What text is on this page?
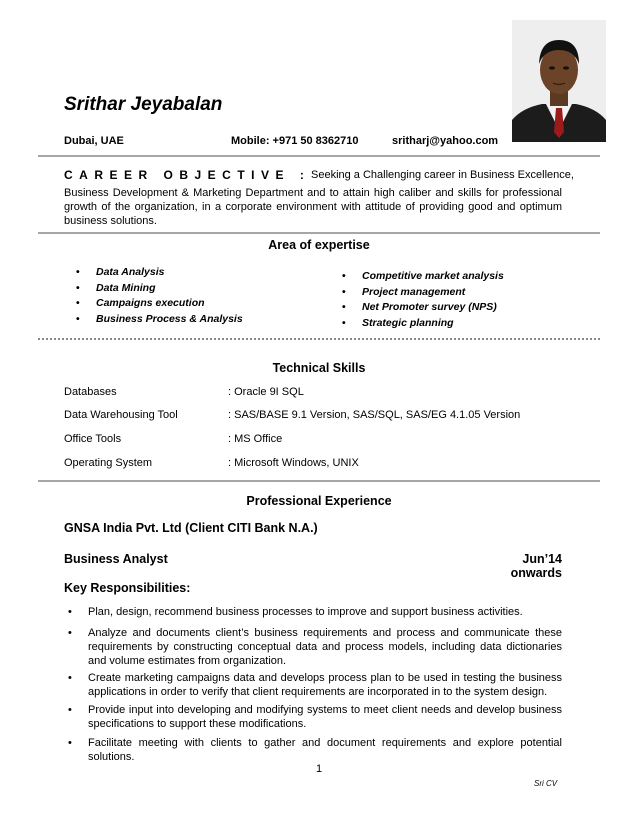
Srithar Jeyabalan
Dubai, UAE	Mobile: +971 50 8362710	sritharj@yahoo.com
CAREER OBJECTIVE : Seeking a Challenging career in Business Excellence,
Business Development & Marketing Department and to attain high caliber and skills for professional growth of the organization, in a corporate environment with attitude of providing good and optimum business solutions.
Area of expertise
• Data Analysis
• Data Mining
• Campaigns execution
• Business Process & Analysis
• Competitive market analysis
• Project management
• Net Promoter survey (NPS)
• Strategic planning
Technical Skills
Databases	: Oracle 9I SQL
Data Warehousing Tool	: SAS/BASE 9.1 Version, SAS/SQL, SAS/EG 4.1.05 Version
Office Tools	: MS Office
Operating System	: Microsoft Windows, UNIX
Professional Experience
GNSA India Pvt. Ltd (Client CITI Bank N.A.)
Business Analyst	Jun’14 onwards
Key Responsibilities:
•	Plan, design, recommend business processes to improve and support business activities.
•	Analyze and documents client’s business requirements and process and communicate these requirements by constructing conceptual data and process models, including data dictionaries and volume estimates from organization.
•	Create marketing campaigns data and develops process plan to be used in testing the business applications in order to verify that client requirements are incorporated in to the system design.
•	Provide input into developing and modifying systems to meet client needs and develop business specifications to support these modifications.
•	Facilitate meeting with clients to gather and document requirements and explore potential solutions.
1
Sri CV
